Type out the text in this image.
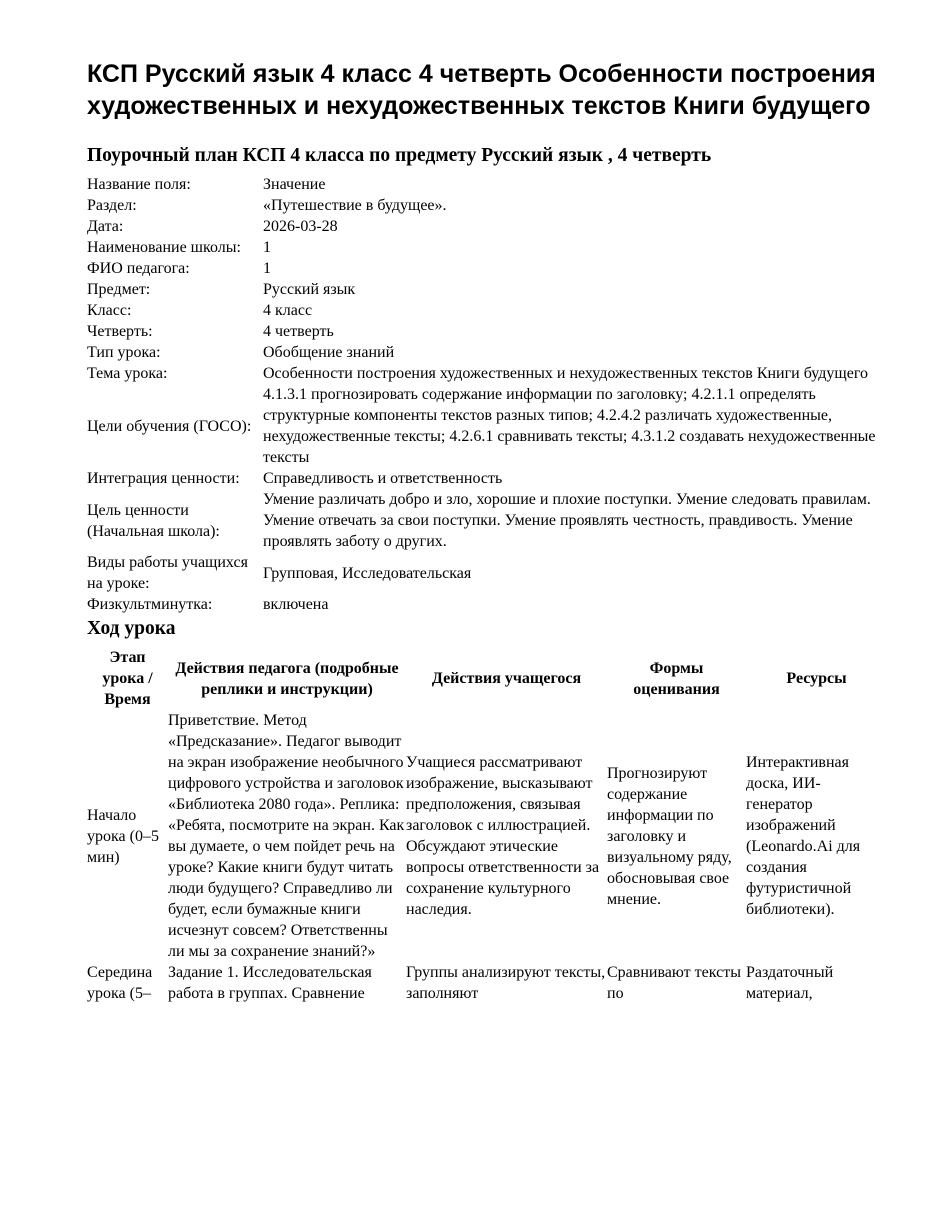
КСП Русский язык 4 класс 4 четверть Особенности построения художественных и нехудожественных текстов Книги будущего
Поурочный план КСП 4 класса по предмету Русский язык , 4 четверть
Название поля:	Значение
Раздел:	«Путешествие в будущее».
Дата:	2026-03-28
Наименование школы:	1
ФИО педагога:	1
Предмет:	Русский язык
Класс:	4 класс
Четверть:	4 четверть
Тип урока:	Обобщение знаний
Тема урока:	Особенности построения художественных и нехудожественных текстов Книги будущего
Цели обучения (ГОСО):	4.1.3.1 прогнозировать содержание информации по заголовку; 4.2.1.1 определять структурные компоненты текстов разных типов; 4.2.4.2 различать художественные, нехудожественные тексты; 4.2.6.1 сравнивать тексты; 4.3.1.2 создавать нехудожественные тексты
Интеграция ценности:	Справедливость и ответственность
Цель ценности (Начальная школа):	Умение различать добро и зло, хорошие и плохие поступки. Умение следовать правилам. Умение отвечать за свои поступки. Умение проявлять честность, правдивость. Умение проявлять заботу о других.
Виды работы учащихся на уроке:	Групповая, Исследовательская
Физкультминутка:	включена
Ход урока
Этап урока / Время	Действия педагога (подробные реплики и инструкции)	Действия учащегося	Формы оценивания	Ресурсы
Начало урока (0–5 мин)	Приветствие. Метод «Предсказание». Педагог выводит на экран изображение необычного цифрового устройства и заголовок «Библиотека 2080 года». Реплика: «Ребята, посмотрите на экран. Как вы думаете, о чем пойдет речь на уроке? Какие книги будут читать люди будущего? Справедливо ли будет, если бумажные книги исчезнут совсем? Ответственны ли мы за сохранение знаний?»	Учащиеся рассматривают изображение, высказывают предположения, связывая заголовок с иллюстрацией. Обсуждают этические вопросы ответственности за сохранение культурного наследия.	Прогнозируют содержание информации по заголовку и визуальному ряду, обосновывая свое мнение.	Интерактивная доска, ИИ-генератор изображений (Leonardo.Ai для создания футуристичной библиотеки).
Середина урока (5–	Задание 1. Исследовательская работа в группах. Сравнение	Группы анализируют тексты, заполняют	Сравнивают тексты по	Раздаточный материал,
